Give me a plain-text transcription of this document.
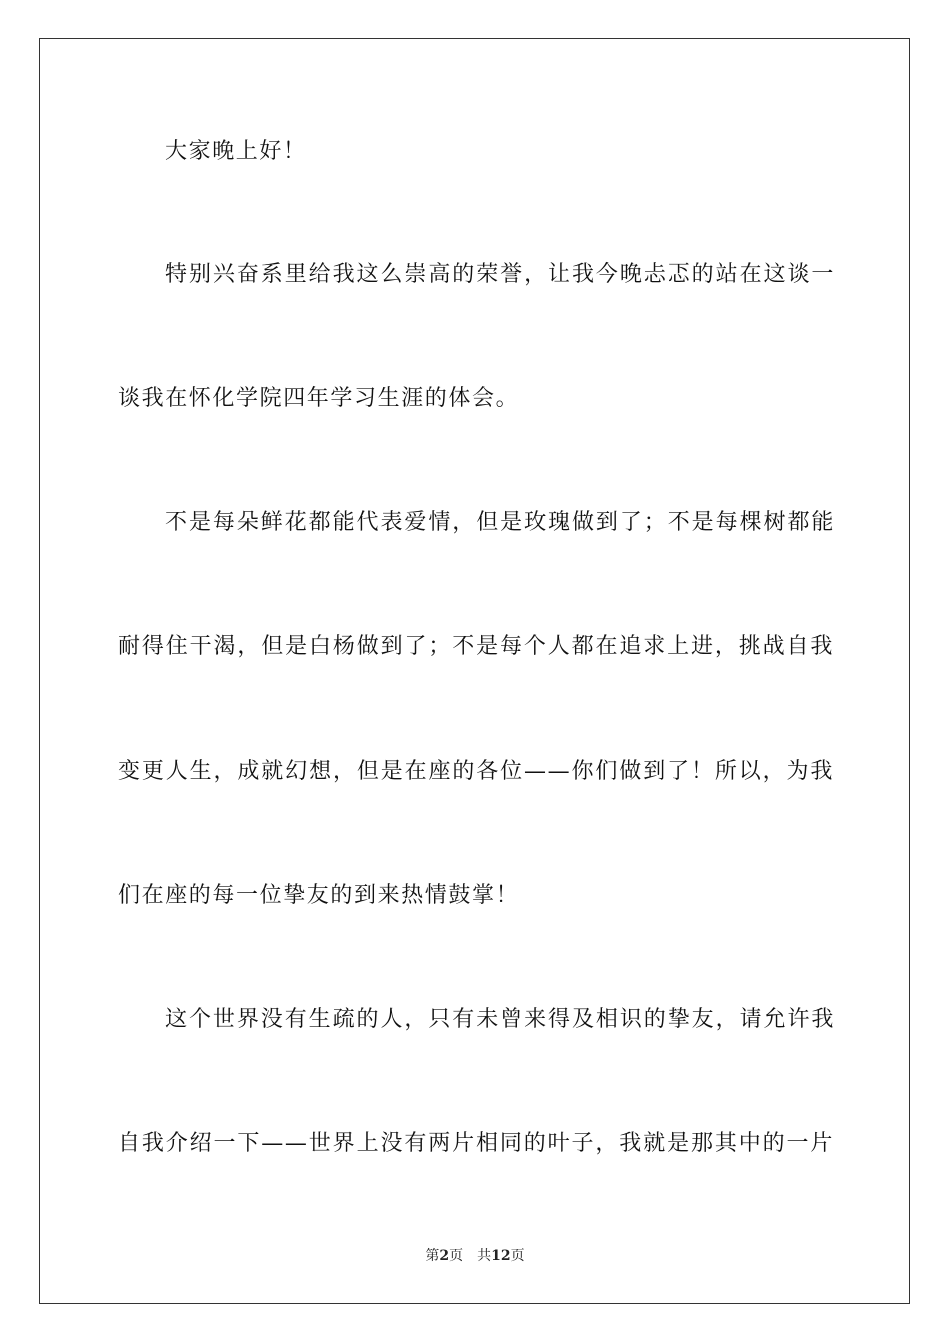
大家晚上好！
特别兴奋系里给我这么崇高的荣誉，让我今晚忐忑的站在这谈一
谈我在怀化学院四年学习生涯的体会。
不是每朵鲜花都能代表爱情，但是玫瑰做到了；不是每棵树都能
耐得住干渴，但是白杨做到了；不是每个人都在追求上进，挑战自我
变更人生，成就幻想，但是在座的各位——你们做到了！所以，为我
们在座的每一位挚友的到来热情鼓掌！
这个世界没有生疏的人，只有未曾来得及相识的挚友，请允许我
自我介绍一下——世界上没有两片相同的叶子，我就是那其中的一片
第2页 共12页
